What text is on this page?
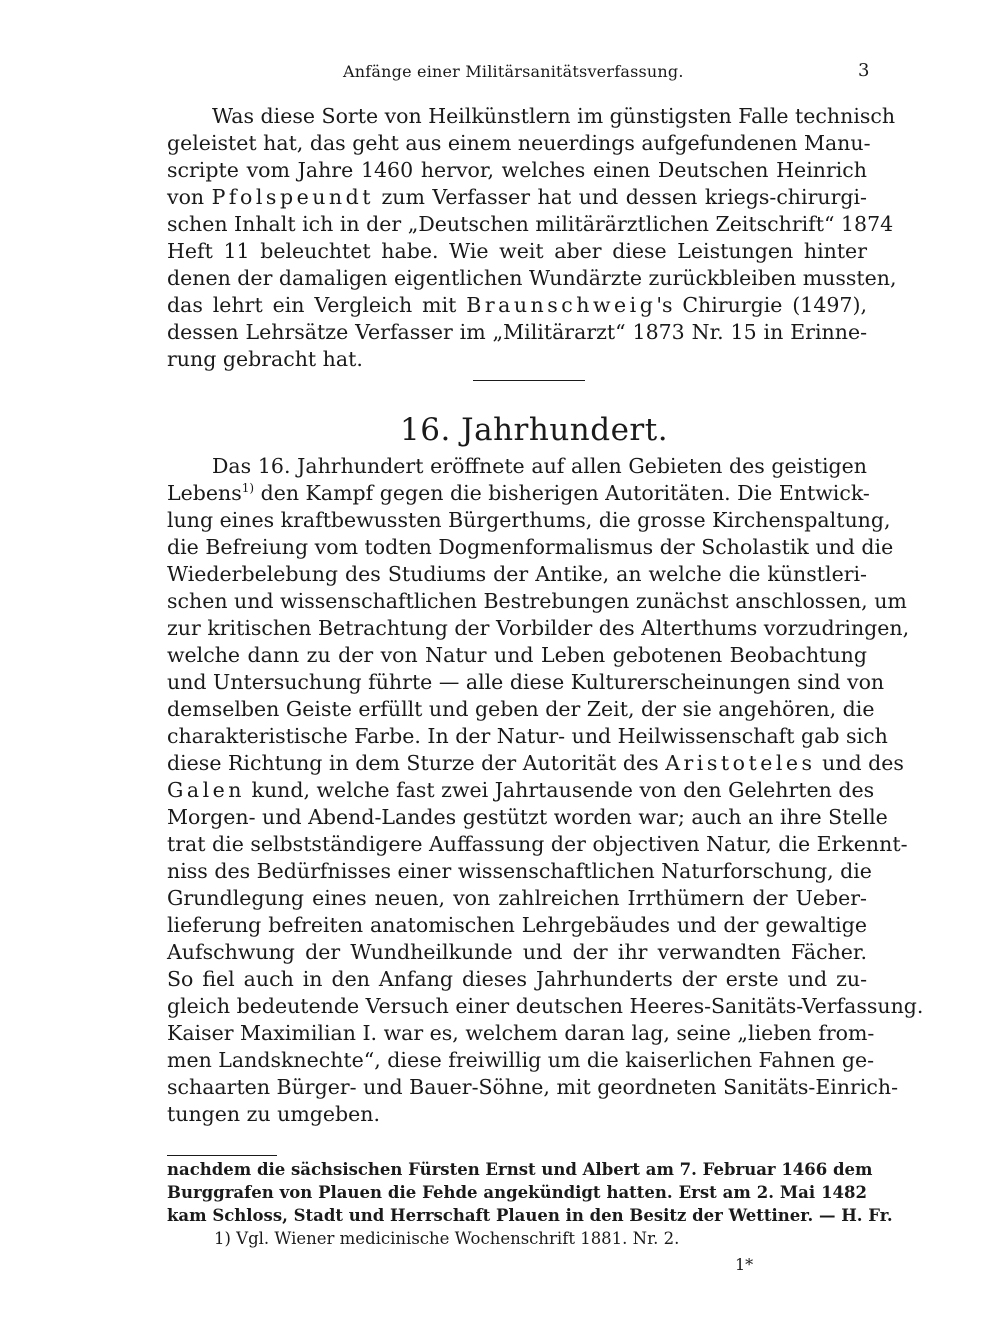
Anfänge einer Militärsanitätsverfassung.	3
Was diese Sorte von Heilkünstlern im günstigsten Falle technisch
geleistet hat, das geht aus einem neuerdings aufgefundenen Manu-
scripte vom Jahre 1460 hervor, welches einen Deutschen Heinrich
von Pfolspeundt zum Verfasser hat und dessen kriegs-chirurgi-
schen Inhalt ich in der „Deutschen militärärztlichen Zeitschrift“ 1874
Heft 11 beleuchtet habe. Wie weit aber diese Leistungen hinter
denen der damaligen eigentlichen Wundärzte zurückbleiben mussten,
das lehrt ein Vergleich mit Braunschweig's Chirurgie (1497),
dessen Lehrsätze Verfasser im „Militärarzt“ 1873 Nr. 15 in Erinne-
rung gebracht hat.
16. Jahrhundert.
Das 16. Jahrhundert eröffnete auf allen Gebieten des geistigen
Lebens$^{1)}$ den Kampf gegen die bisherigen Autoritäten. Die Entwick-
lung eines kraftbewussten Bürgerthums, die grosse Kirchenspaltung,
die Befreiung vom todten Dogmenformalismus der Scholastik und die
Wiederbelebung des Studiums der Antike, an welche die künstleri-
schen und wissenschaftlichen Bestrebungen zunächst anschlossen, um
zur kritischen Betrachtung der Vorbilder des Alterthums vorzudringen,
welche dann zu der von Natur und Leben gebotenen Beobachtung
und Untersuchung führte — alle diese Kulturerscheinungen sind von
demselben Geiste erfüllt und geben der Zeit, der sie angehören, die
charakteristische Farbe. In der Natur- und Heilwissenschaft gab sich
diese Richtung in dem Sturze der Autorität des Aristoteles und des
Galen kund, welche fast zwei Jahrtausende von den Gelehrten des
Morgen- und Abend-Landes gestützt worden war; auch an ihre Stelle
trat die selbstständigere Auffassung der objectiven Natur, die Erkennt-
niss des Bedürfnisses einer wissenschaftlichen Naturforschung, die
Grundlegung eines neuen, von zahlreichen Irrthümern der Ueber-
lieferung befreiten anatomischen Lehrgebäudes und der gewaltige
Aufschwung der Wundheilkunde und der ihr verwandten Fächer.
So fiel auch in den Anfang dieses Jahrhunderts der erste und zu-
gleich bedeutende Versuch einer deutschen Heeres-Sanitäts-Verfassung.
Kaiser Maximilian I. war es, welchem daran lag, seine „lieben from-
men Landsknechte“, diese freiwillig um die kaiserlichen Fahnen ge-
schaarten Bürger- und Bauer-Söhne, mit geordneten Sanitäts-Einrich-
tungen zu umgeben.
nachdem die sächsischen Fürsten Ernst und Albert am 7. Februar 1466 dem
Burggrafen von Plauen die Fehde angekündigt hatten. Erst am 2. Mai 1482
kam Schloss, Stadt und Herrschaft Plauen in den Besitz der Wettiner. — H. Fr.
1) Vgl. Wiener medicinische Wochenschrift 1881. Nr. 2.
1*
